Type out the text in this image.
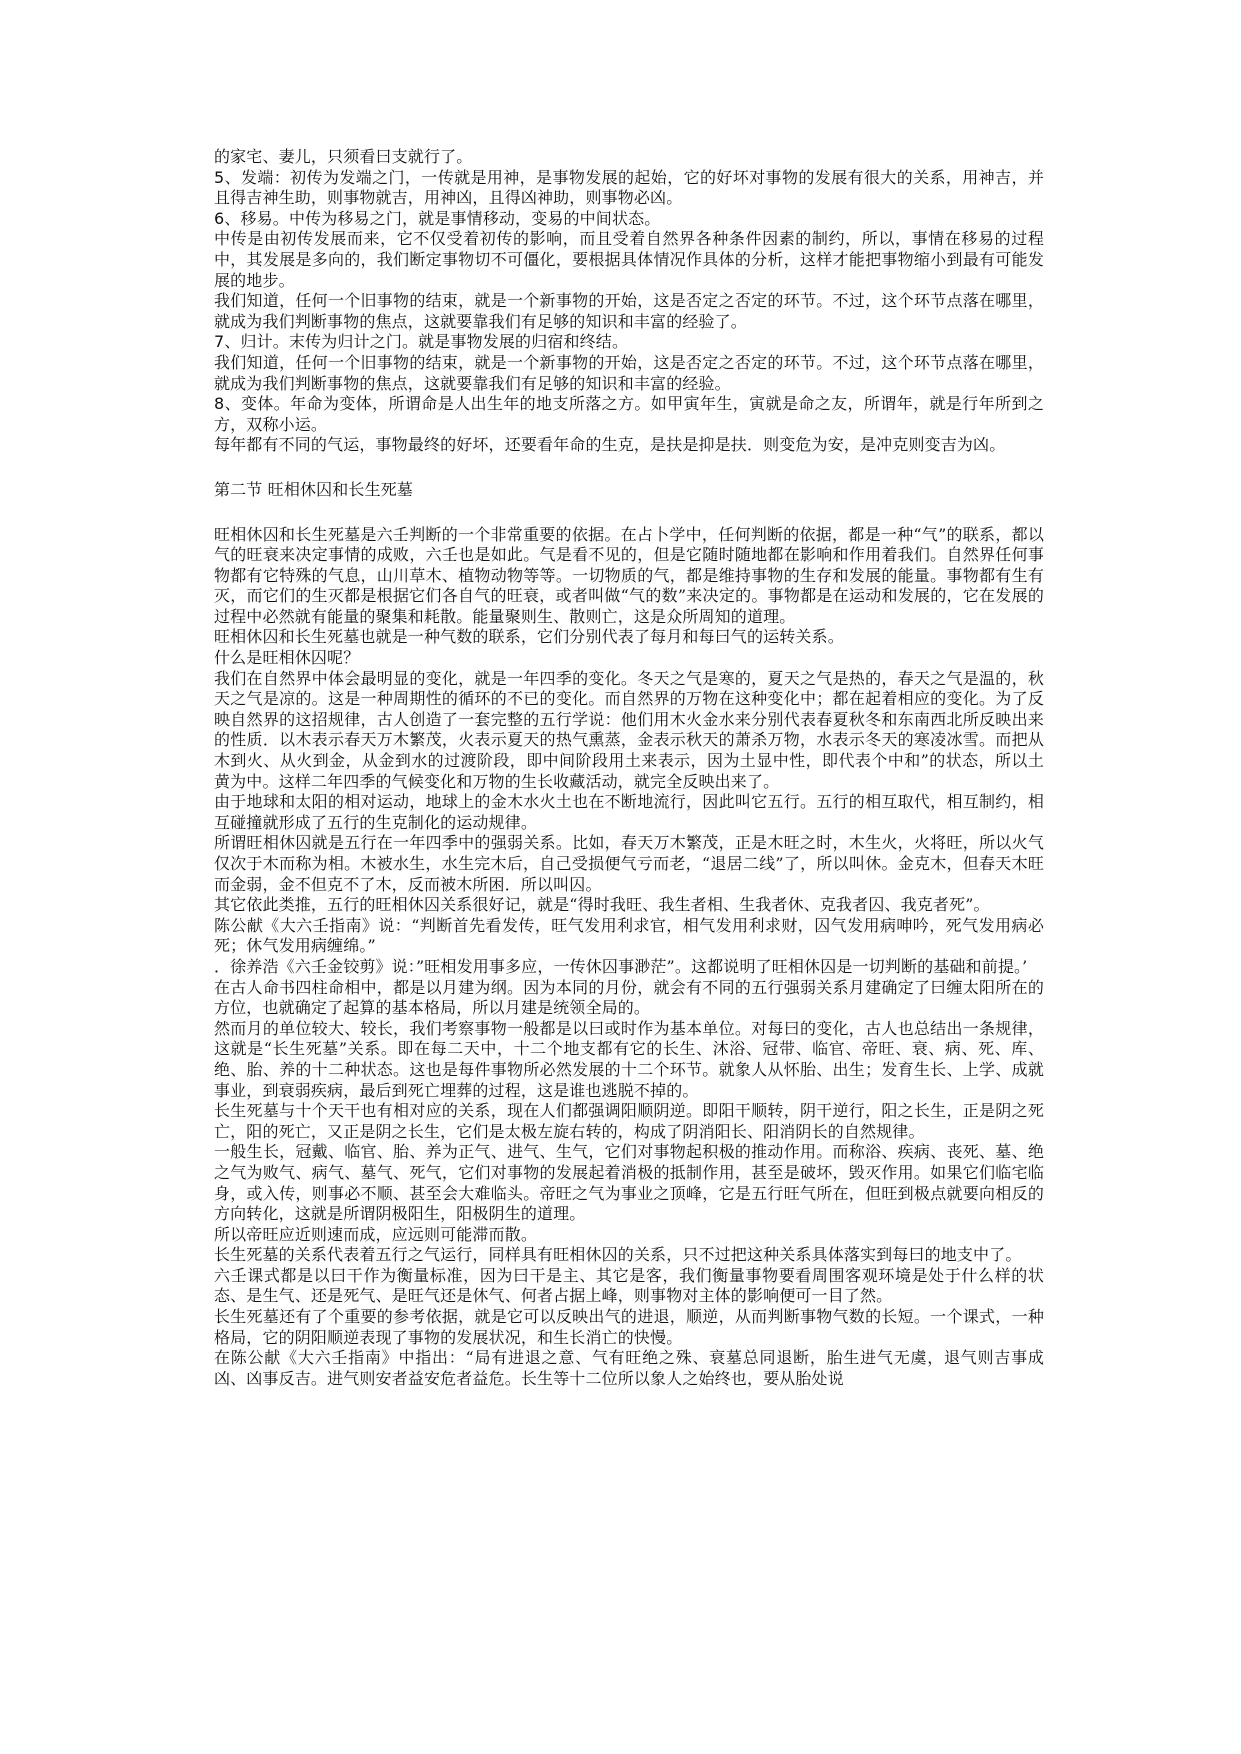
的家宅、妻儿，只须看曰支就行了。

5、发端：初传为发端之门，一传就是用神，是事物发展的起始，它的好坏对事物的发展有很大的关系，用神吉，并且得吉神生助，则事物就吉，用神凶，且得凶神助，则事物必凶。

6、移易。中传为移易之门，就是事情移动，变易的中间状态。

中传是由初传发展而来，它不仅受着初传的影响，而且受着自然界各种条件因素的制约，所以，事情在移易的过程中，其发展是多向的，我们断定事物切不可僵化，要根据具体情况作具体的分析，这样才能把事物缩小到最有可能发展的地步。

我们知道，任何一个旧事物的结束，就是一个新事物的开始，这是否定之否定的环节。不过，这个环节点落在哪里，就成为我们判断事物的焦点，这就要靠我们有足够的知识和丰富的经验了。

7、归计。末传为归计之门。就是事物发展的归宿和终结。

我们知道，任何一个旧事物的结束，就是一个新事物的开始，这是否定之否定的环节。不过，这个环节点落在哪里，就成为我们判断事物的焦点，这就要靠我们有足够的知识和丰富的经验。

8、变体。年命为变体，所谓命是人出生年的地支所落之方。如甲寅年生，寅就是命之友，所谓年，就是行年所到之方，双称小运。

每年都有不同的气运，事物最终的好坏，还要看年命的生克，是扶是抑是扶．则变危为安，是冲克则变吉为凶。

第二节 旺相休囚和长生死墓

旺相休囚和长生死墓是六壬判断的一个非常重要的依据。在占卜学中，任何判断的依据，都是一种“气”的联系，都以气的旺衰来决定事情的成败，六壬也是如此。气是看不见的，但是它随时随地都在影响和作用着我们。自然界任何事物都有它特殊的气息，山川草木、植物动物等等。一切物质的气，都是维持事物的生存和发展的能量。事物都有生有灭，而它们的生灭都是根据它们各自气的旺衰，或者叫做“气的数”来决定的。事物都是在运动和发展的，它在发展的过程中必然就有能量的聚集和耗散。能量聚则生、散则亡，这是众所周知的道理。

旺相休囚和长生死墓也就是一种气数的联系，它们分别代表了每月和每曰气的运转关系。

什么是旺相休囚呢？

我们在自然界中体会最明显的变化，就是一年四季的变化。冬天之气是寒的，夏天之气是热的，春天之气是温的，秋天之气是凉的。这是一种周期性的循环的不已的变化。而自然界的万物在这种变化中；都在起着相应的变化。为了反映自然界的这招规律，古人创造了一套完整的五行学说：他们用木火金水来分别代表春夏秋冬和东南西北所反映出来的性质．以木表示春天万木繁茂，火表示夏天的热气熏蒸，金表示秋天的萧杀万物，水表示冬天的寒凌冰雪。而把从木到火、从火到金，从金到水的过渡阶段，即中间阶段用土来表示，因为土显中性，即代表个中和”的状态，所以土黄为中。这样二年四季的气候变化和万物的生长收藏活动，就完全反映出来了。

由于地球和太阳的相对运动，地球上的金木水火土也在不断地流行，因此叫它五行。五行的相互取代，相互制约，相互碰撞就形成了五行的生克制化的运动规律。

所谓旺相休囚就是五行在一年四季中的强弱关系。比如，春天万木繁茂，正是木旺之时，木生火，火将旺，所以火气仅次于木而称为相。木被水生，水生完木后，自己受损便气亏而老，“退居二线”了，所以叫休。金克木，但春天木旺而金弱，金不但克不了木，反而被木所困．所以叫囚。

其它依此类推，五行的旺相休囚关系很好记，就是“得时我旺、我生者相、生我者休、克我者囚、我克者死”。

陈公献《大六壬指南》说：“判断首先看发传，旺气发用利求官，相气发用利求财，囚气发用病呻吟，死气发用病必死；休气发用病缠绵。”

．徐养浩《六壬金铰剪》说：”旺相发用事多应，一传休囚事渺茫”。这都说明了旺相休囚是一切判断的基础和前提。’

在古人命书四柱命相中，都是以月建为纲。因为本同的月份，就会有不同的五行强弱关系月建确定了曰缠太阳所在的方位，也就确定了起算的基本格局，所以月建是统领全局的。

然而月的单位较大、较长，我们考察事物一般都是以曰或时作为基本单位。对每曰的变化，古人也总结出一条规律，这就是“长生死墓”关系。即在每二天中，十二个地支都有它的长生、沐浴、冠带、临官、帝旺、衰、病、死、库、绝、胎、养的十二种状态。这也是每件事物所必然发展的十二个环节。就象人从怀胎、出生；发育生长、上学、成就事业，到衰弱疾病，最后到死亡埋葬的过程，这是谁也逃脱不掉的。

长生死墓与十个天干也有相对应的关系，现在人们都强调阳顺阴逆。即阳干顺转，阴干逆行，阳之长生，正是阴之死亡，阳的死亡，又正是阴之长生，它们是太极左旋右转的，构成了阴消阳长、阳消阴长的自然规律。

一般生长，冠戴、临官、胎、养为正气、进气、生气，它们对事物起积极的推动作用。而称浴、疾病、丧死、墓、绝之气为败气、病气、墓气、死气，它们对事物的发展起着消极的抵制作用，甚至是破坏，毁灭作用。如果它们临宅临身，或入传，则事必不顺、甚至会大难临头。帝旺之气为事业之顶峰，它是五行旺气所在，但旺到极点就要向相反的方向转化，这就是所谓阴极阳生，阳极阴生的道理。

所以帝旺应近则速而成，应远则可能滞而散。

长生死墓的关系代表着五行之气运行，同样具有旺相休囚的关系，只不过把这种关系具体落实到每曰的地支中了。

六壬课式都是以曰干作为衡量标准，因为曰干是主、其它是客，我们衡量事物要看周围客观环境是处于什么样的状态、是生气、还是死气、是旺气还是休气、何者占据上峰，则事物对主体的影响便可一目了然。

长生死墓还有了个重要的参考依据，就是它可以反映出气的进退，顺逆，从而判断事物气数的长短。一个课式，一种格局，它的阴阳顺逆表现了事物的发展状况，和生长消亡的快慢。

在陈公献《大六壬指南》中指出：“局有进退之意、气有旺绝之殊、衰墓总同退断，胎生进气无虞，退气则吉事成凶、凶事反吉。进气则安者益安危者益危。长生等十二位所以象人之始终也，要从胎处说
